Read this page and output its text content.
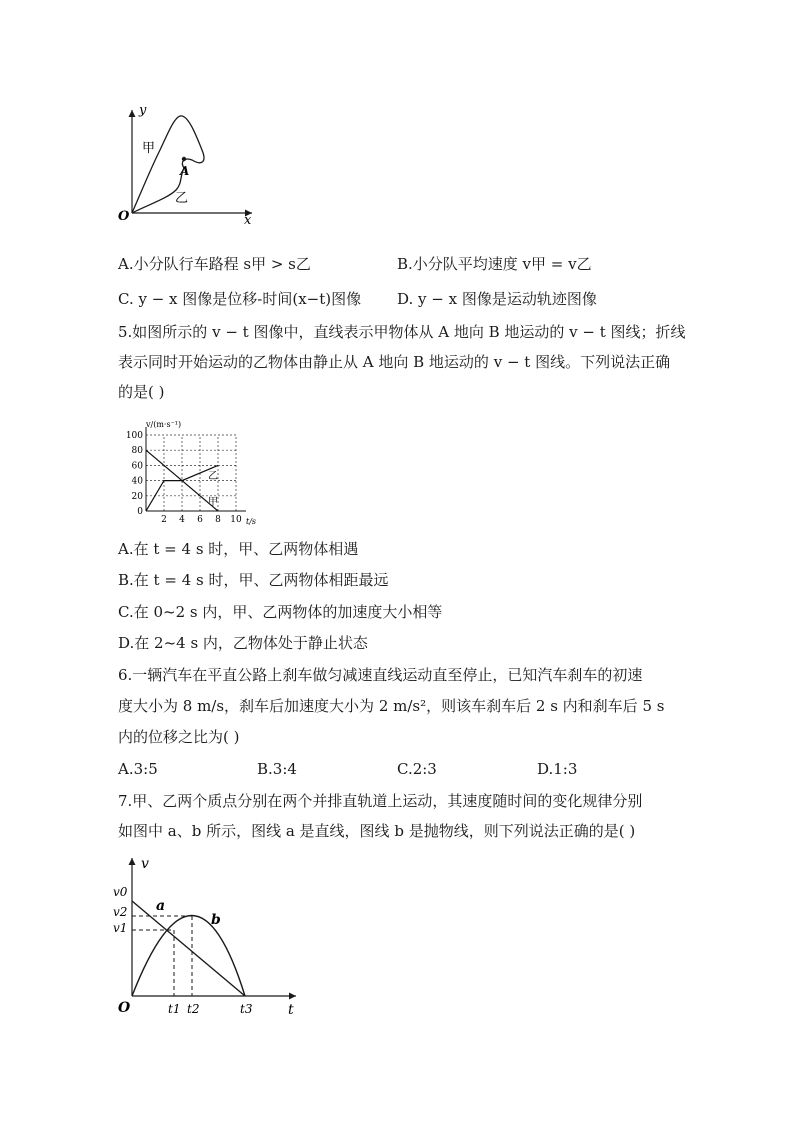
y
x
O
甲
乙
A
A.小分队行车路程 s甲 > s乙	B.小分队平均速度 v甲 = v乙
C. y − x 图像是位移-时间(x−t)图像 D. y − x 图像是运动轨迹图像
5.如图所示的 v − t 图像中，直线表示甲物体从 A 地向 B 地运动的 v − t 图线；折线
表示同时开始运动的乙物体由静止从 A 地向 B 地运动的 v − t 图线。下列说法正确
的是( )
2 4 6 8 10
0
20
40
60
80
100
v/(m·s⁻¹)
t/s
乙
甲
A.在 t = 4 s 时，甲、乙两物体相遇
B.在 t = 4 s 时，甲、乙两物体相距最远
C.在 0~2 s 内，甲、乙两物体的加速度大小相等
D.在 2~4 s 内，乙物体处于静止状态
6.一辆汽车在平直公路上刹车做匀减速直线运动直至停止，已知汽车刹车的初速
度大小为 8 m/s，刹车后加速度大小为 2 m/s²，则该车刹车后 2 s 内和刹车后 5 s
内的位移之比为( )
A.3:5	B.3:4	C.2:3	D.1:3
7.甲、乙两个质点分别在两个并排直轨道上运动，其速度随时间的变化规律分别
如图中 a、b 所示，图线 a 是直线，图线 b 是抛物线，则下列说法正确的是( )
v
t
O
v0
v2
v1
t1 t2	t3
a
b
